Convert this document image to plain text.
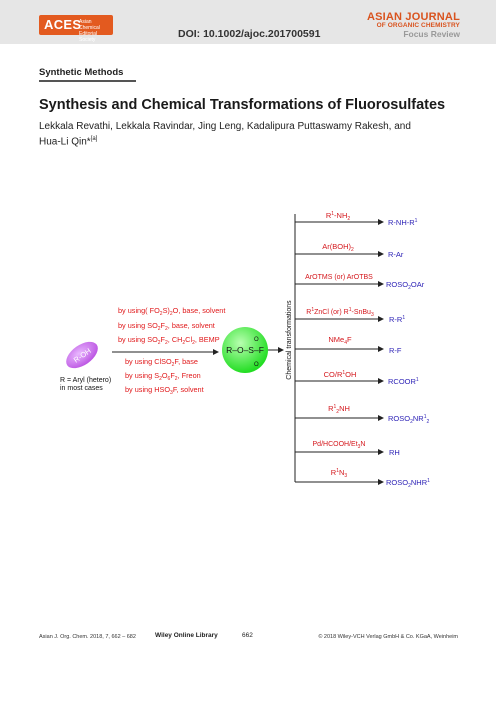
ACES
Asian Chemical Editorial Society	DOI: 10.1002/ajoc.201700591
ASIAN JOURNAL
OF ORGANIC CHEMISTRY
Focus Review
Synthetic Methods
Synthesis and Chemical Transformations of Fluorosulfates
Lekkala Revathi, Lekkala Ravindar, Jing Leng, Kadalipura Puttaswamy Rakesh, and Hua-Li Qin*[a]
R-OH
R = Aryl (hetero)
in most cases
by using( $FO_2S)_2O$, base, solvent
by using $SO_2F_2$, base, solvent
by using $SO_2F_2$, $CH_2Cl_2$, BEMP
by using ClSO$_2$F, base
by using $S_2O_6F_2$, Freon
by using $HSO_3F$, solvent
R–O–S–F
O
O	Chemical transformations
$R^1-NH_2$	$R-NH-R^1$
$Ar(BOH)_2$	R-Ar
ArOTMS (or) ArOTBS
$ROSO_2OAr$
$R^1ZnCl$ (or) $R^1-SnBu_3$ $R-R^1$
NMe$_4$F
R-F
$CO/R^1OH$
RCOOR$^1$
$R^1_2NH$
$ROSO_2NR^1_2$
$Pd/HCOOH/Et_3N$
RH
$R^1N_3$
$ROSO_2NHR^1$
Asian J. Org. Chem. 2018, 7, 662 – 682	Wiley Online Library	662	© 2018 Wiley-VCH Verlag GmbH & Co. KGaA, Weinheim
